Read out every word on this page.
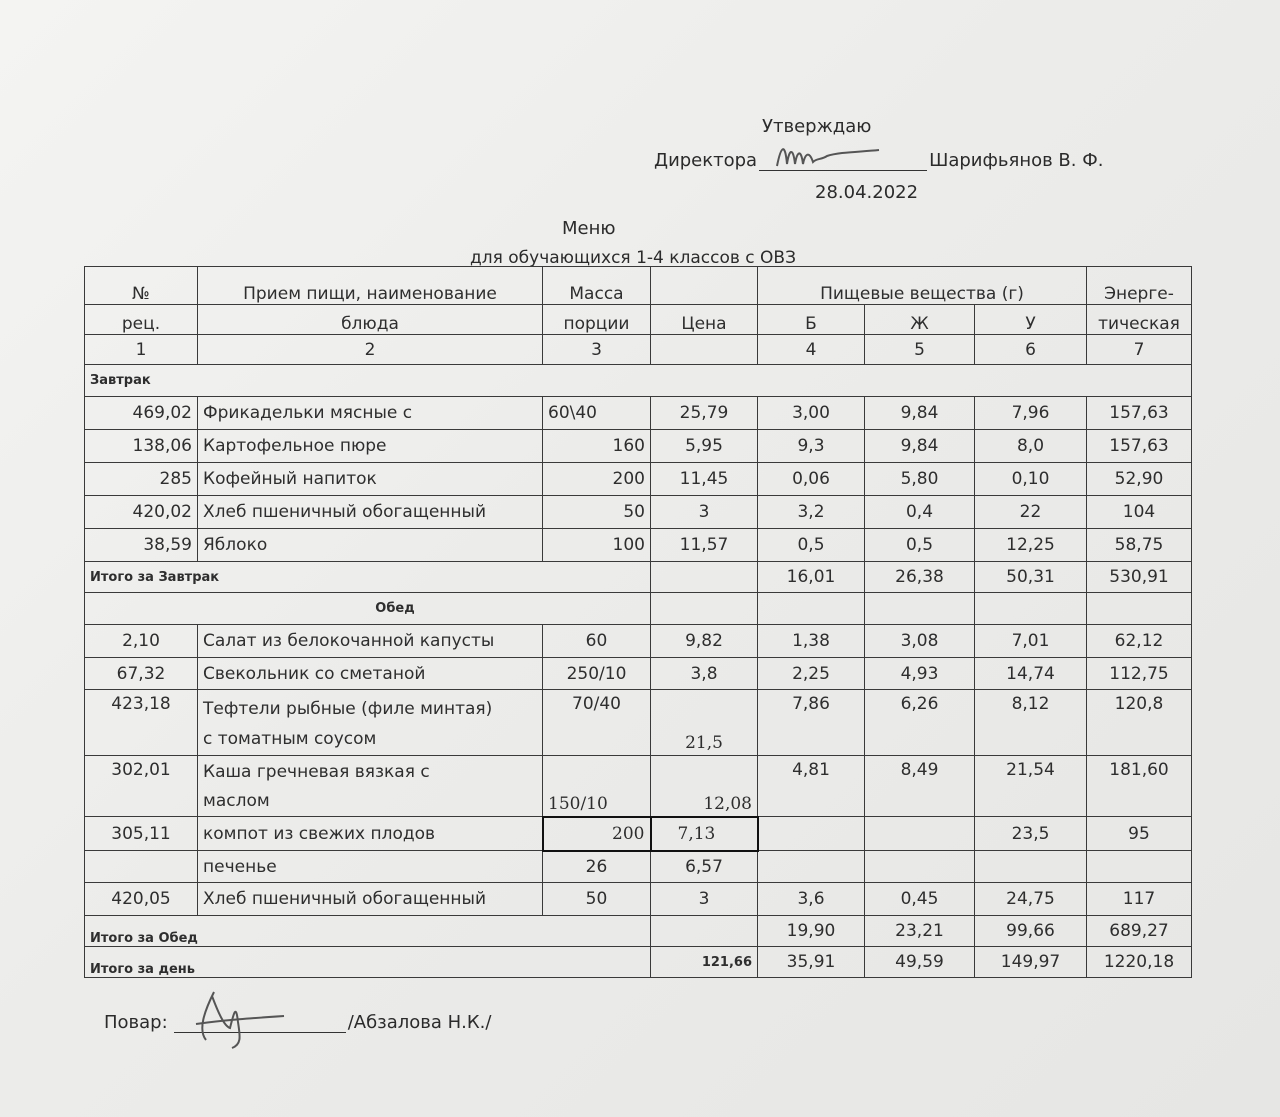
Утверждаю
Директора	Шарифьянов В. Ф.
28.04.2022
Меню
для обучающихся 1-4 классов с ОВЗ
№	Прием пищи, наименование	Масса		Пищевые вещества (г)			Энерге-
рец.	блюда	порции	Цена	Б	Ж	У	тическая
1	2	3		4	5	6	7
Завтрак							
469,02	Фрикадельки мясные с	60\40	25,79	3,00	9,84	7,96	157,63
138,06	Картофельное пюре	160	5,95	9,3	9,84	8,0	157,63
285	Кофейный напиток	200	11,45	0,06	5,80	0,10	52,90
420,02	Хлеб пшеничный обогащенный	50	3	3,2	0,4	22	104
38,59	Яблоко	100	11,57	0,5	0,5	12,25	58,75
Итого за Завтрак				16,01	26,38	50,31	530,91
Обед							
2,10	Салат из белокочанной капусты	60	9,82	1,38	3,08	7,01	62,12
67,32	Свекольник со сметаной	250/10	3,8	2,25	4,93	14,74	112,75
423,18	Тефтели рыбные (филе минтая)
с томатным соусом	70/40	21,5	7,86	6,26	8,12	120,8
302,01	Каша гречневая вязкая с
маслом	150/10	12,08	4,81	8,49	21,54	181,60
305,11	компот из свежих плодов	200	7,13			23,5	95
	печенье	26	6,57				
420,05	Хлеб пшеничный обогащенный	50	3	3,6	0,45	24,75	117
Итого за Обед				19,90	23,21	99,66	689,27
Итого за день			121,66	35,91	49,59	149,97	1220,18
Повар:	/Абзалова Н.К./
